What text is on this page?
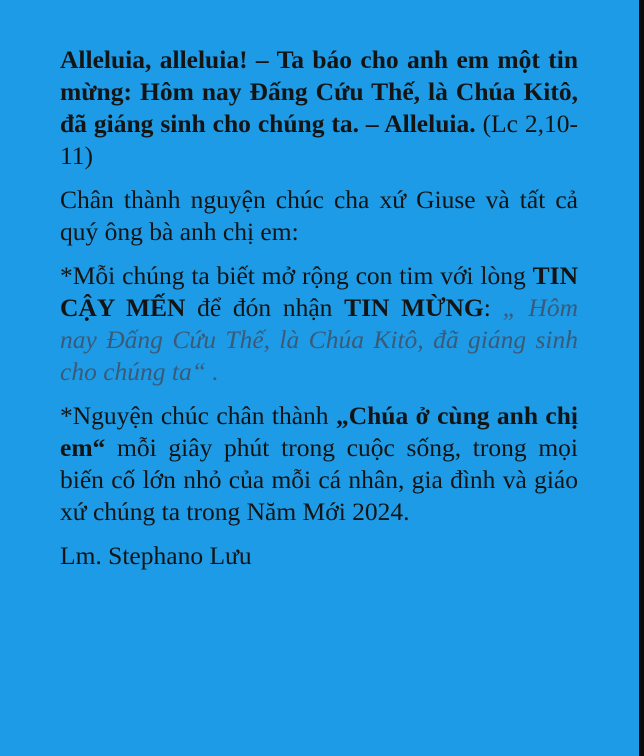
Alleluia, alleluia! – Ta báo cho anh em một tin mừng: Hôm nay Đấng Cứu Thế, là Chúa Kitô, đã giáng sinh cho chúng ta. – Alleluia. (Lc 2,10-11)

Chân thành nguyện chúc cha xứ Giuse và tất cả quý ông bà anh chị em:

*Mỗi chúng ta biết mở rộng con tim với lòng TIN CẬY MẾN để đón nhận TIN MỪNG: „ Hôm nay Đấng Cứu Thế, là Chúa Kitô, đã giáng sinh cho chúng ta“ .

*Nguyện chúc chân thành „Chúa ở cùng anh chị em“ mỗi giây phút trong cuộc sống, trong mọi biến cố lớn nhỏ của mỗi cá nhân, gia đình và giáo xứ chúng ta trong Năm Mới 2024.

Lm. Stephano Lưu
